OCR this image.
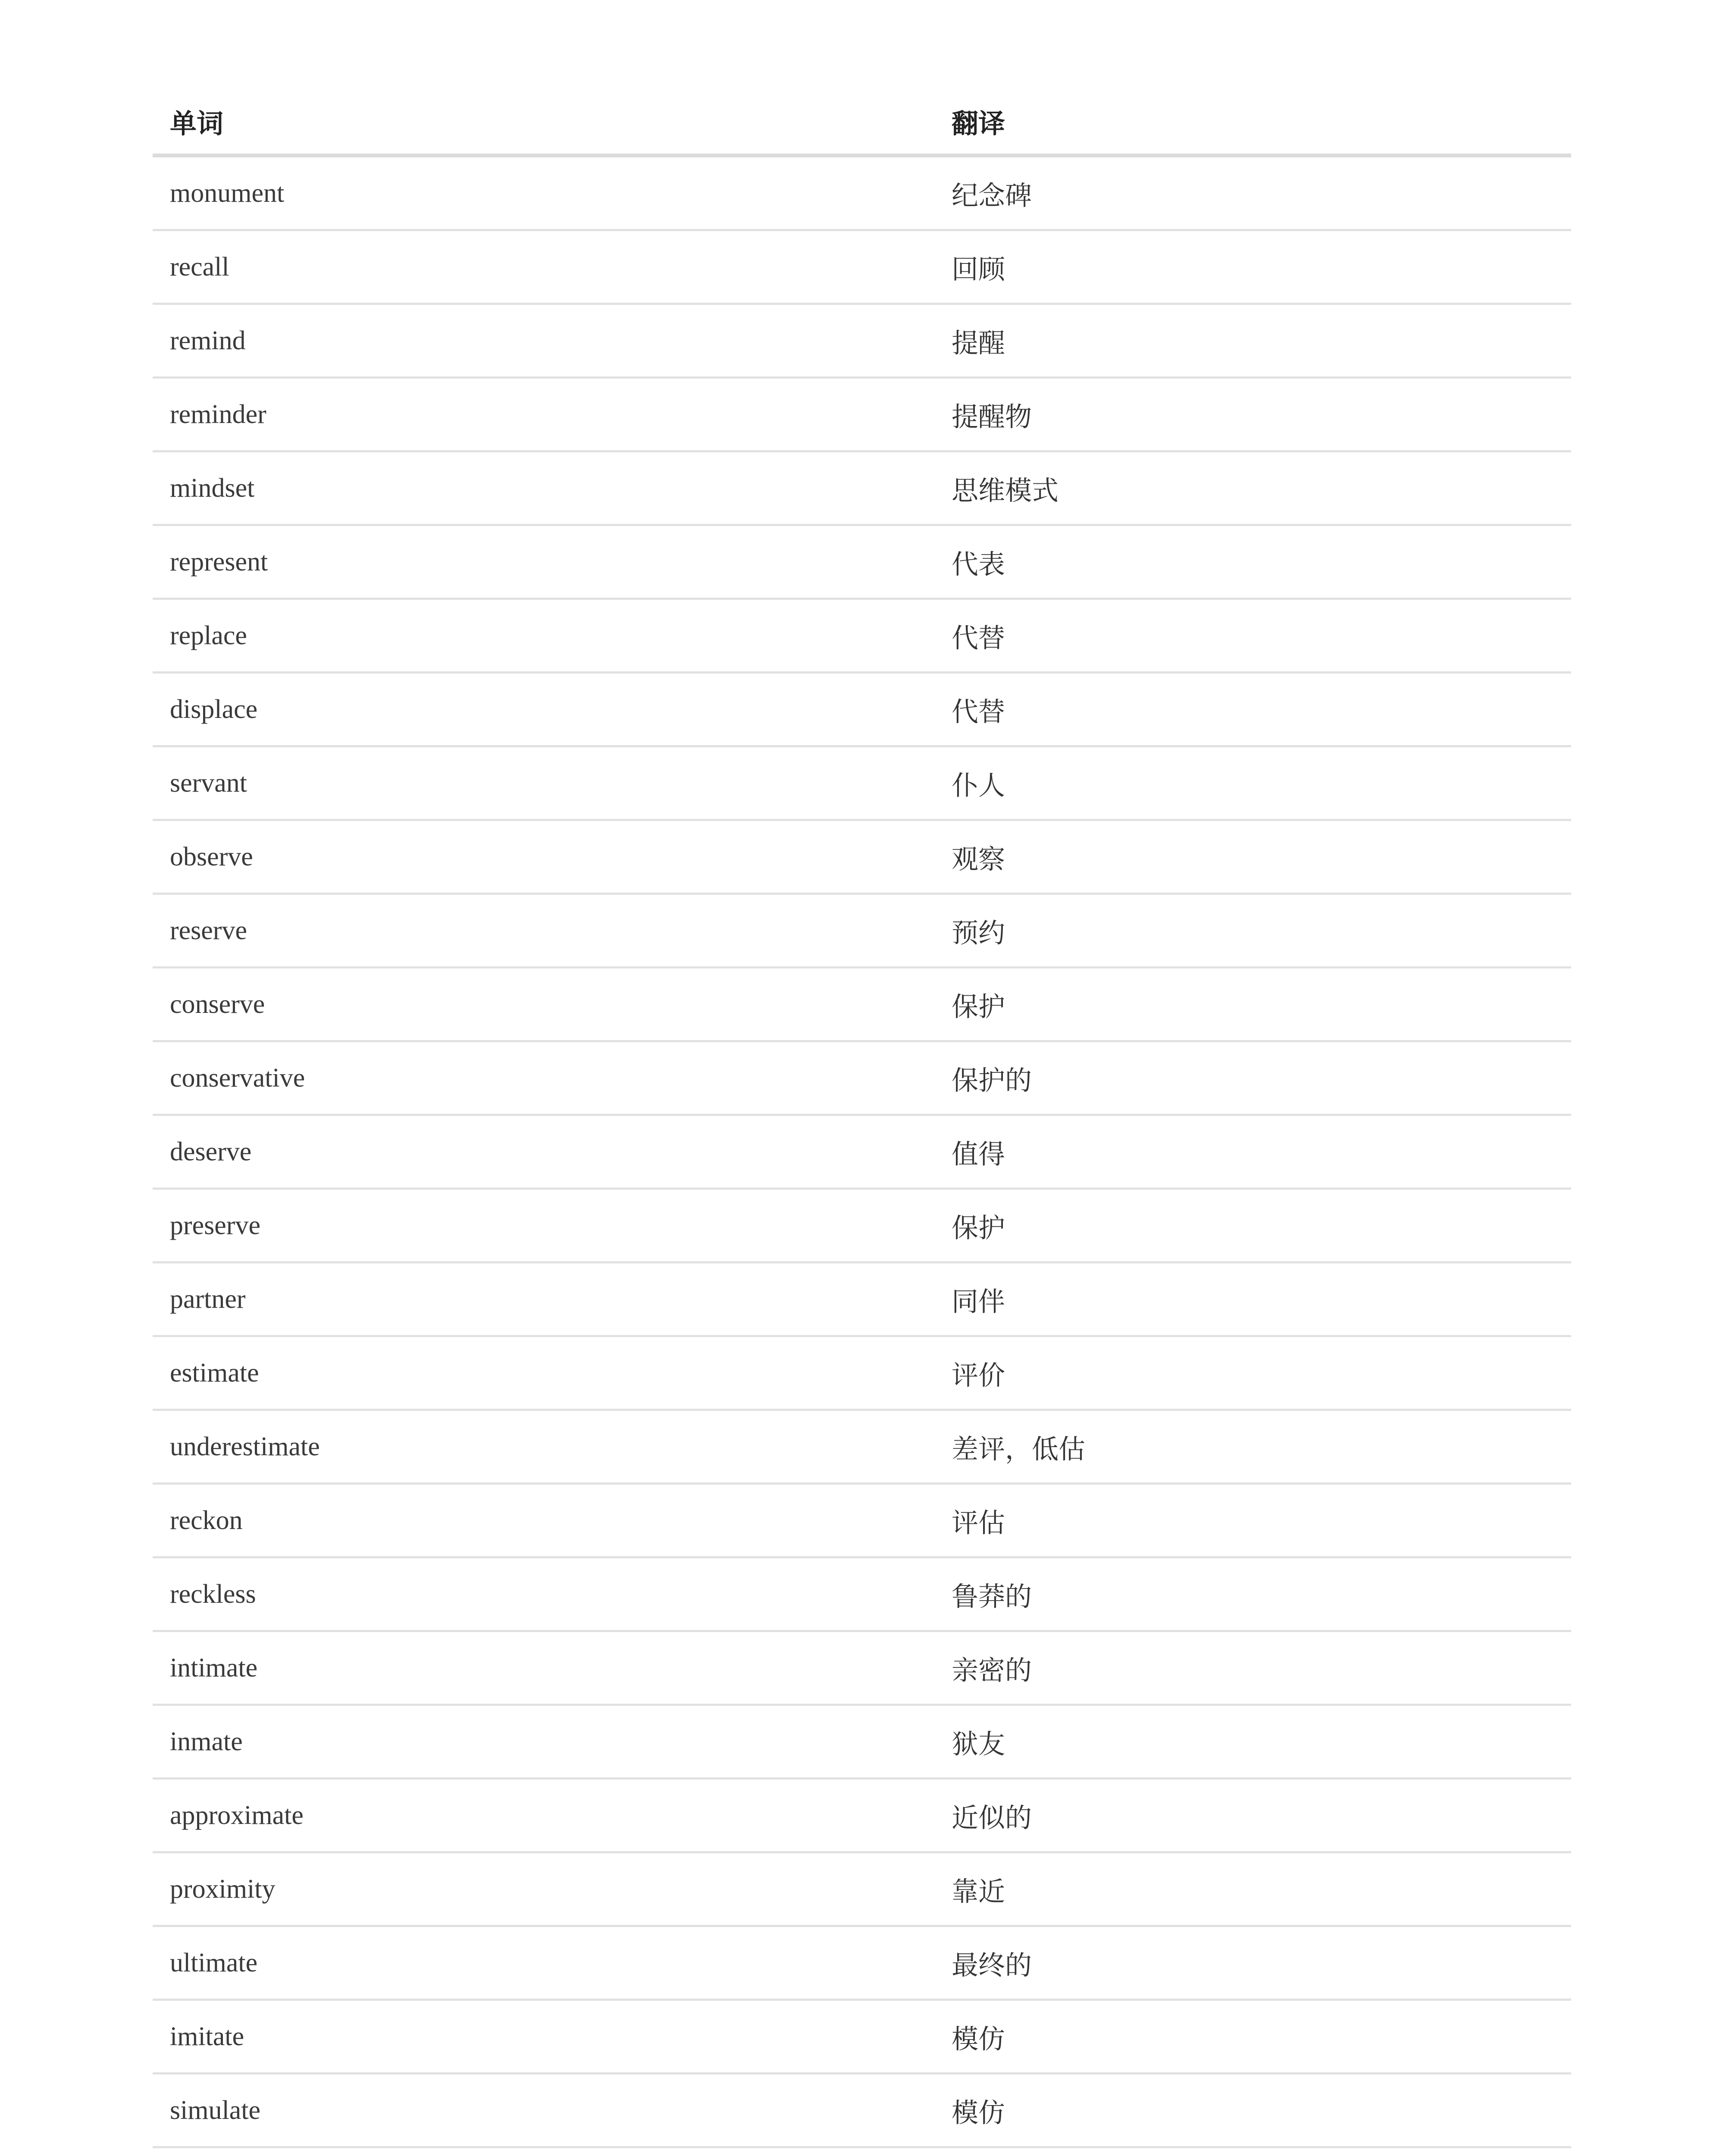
单词	翻译
monument	纪念碑
recall	回顾
remind	提醒
reminder	提醒物
mindset	思维模式
represent	代表
replace	代替
displace	代替
servant	仆人
observe	观察
reserve	预约
conserve	保护
conservative	保护的
deserve	值得
preserve	保护
partner	同伴
estimate	评价
underestimate	差评，低估
reckon	评估
reckless	鲁莽的
intimate	亲密的
inmate	狱友
approximate	近似的
proximity	靠近
ultimate	最终的
imitate	模仿
simulate	模仿
